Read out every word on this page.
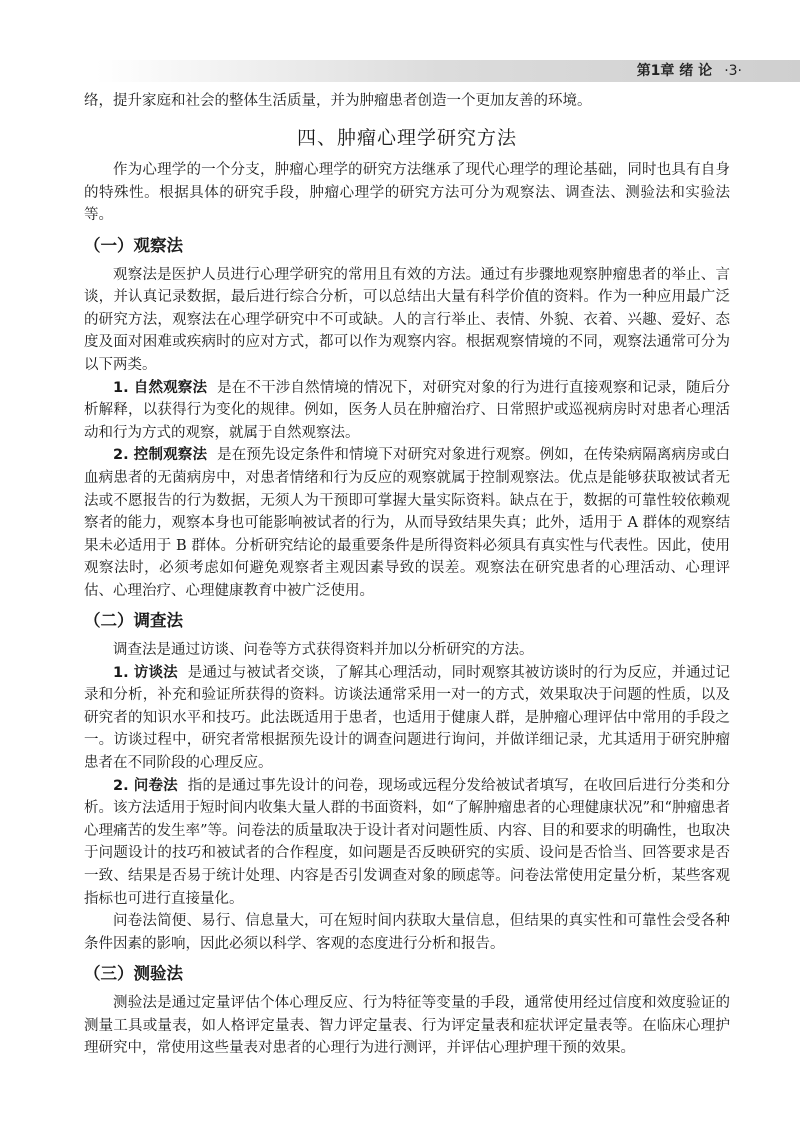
第1章 绪 论 ·3·

络，提升家庭和社会的整体生活质量，并为肿瘤患者创造一个更加友善的环境。

四、肿瘤心理学研究方法

作为心理学的一个分支，肿瘤心理学的研究方法继承了现代心理学的理论基础，同时也具有自身的特殊性。根据具体的研究手段，肿瘤心理学的研究方法可分为观察法、调查法、测验法和实验法等。

（一）观察法

观察法是医护人员进行心理学研究的常用且有效的方法。通过有步骤地观察肿瘤患者的举止、言谈，并认真记录数据，最后进行综合分析，可以总结出大量有科学价值的资料。作为一种应用最广泛的研究方法，观察法在心理学研究中不可或缺。人的言行举止、表情、外貌、衣着、兴趣、爱好、态度及面对困难或疾病时的应对方式，都可以作为观察内容。根据观察情境的不同，观察法通常可分为以下两类。

1. 自然观察法 是在不干涉自然情境的情况下，对研究对象的行为进行直接观察和记录，随后分析解释，以获得行为变化的规律。例如，医务人员在肿瘤治疗、日常照护或巡视病房时对患者心理活动和行为方式的观察，就属于自然观察法。

2. 控制观察法 是在预先设定条件和情境下对研究对象进行观察。例如，在传染病隔离病房或白血病患者的无菌病房中，对患者情绪和行为反应的观察就属于控制观察法。优点是能够获取被试者无法或不愿报告的行为数据，无须人为干预即可掌握大量实际资料。缺点在于，数据的可靠性较依赖观察者的能力，观察本身也可能影响被试者的行为，从而导致结果失真；此外，适用于 A 群体的观察结果未必适用于 B 群体。分析研究结论的最重要条件是所得资料必须具有真实性与代表性。因此，使用观察法时，必须考虑如何避免观察者主观因素导致的误差。观察法在研究患者的心理活动、心理评估、心理治疗、心理健康教育中被广泛使用。

（二）调查法

调查法是通过访谈、问卷等方式获得资料并加以分析研究的方法。

1. 访谈法 是通过与被试者交谈，了解其心理活动，同时观察其被访谈时的行为反应，并通过记录和分析，补充和验证所获得的资料。访谈法通常采用一对一的方式，效果取决于问题的性质，以及研究者的知识水平和技巧。此法既适用于患者，也适用于健康人群，是肿瘤心理评估中常用的手段之一。访谈过程中，研究者常根据预先设计的调查问题进行询问，并做详细记录，尤其适用于研究肿瘤患者在不同阶段的心理反应。

2. 问卷法 指的是通过事先设计的问卷，现场或远程分发给被试者填写，在收回后进行分类和分析。该方法适用于短时间内收集大量人群的书面资料，如“了解肿瘤患者的心理健康状况”和“肿瘤患者心理痛苦的发生率”等。问卷法的质量取决于设计者对问题性质、内容、目的和要求的明确性，也取决于问题设计的技巧和被试者的合作程度，如问题是否反映研究的实质、设问是否恰当、回答要求是否一致、结果是否易于统计处理、内容是否引发调查对象的顾虑等。问卷法常使用定量分析，某些客观指标也可进行直接量化。

问卷法简便、易行、信息量大，可在短时间内获取大量信息，但结果的真实性和可靠性会受各种条件因素的影响，因此必须以科学、客观的态度进行分析和报告。

（三）测验法

测验法是通过定量评估个体心理反应、行为特征等变量的手段，通常使用经过信度和效度验证的测量工具或量表，如人格评定量表、智力评定量表、行为评定量表和症状评定量表等。在临床心理护理研究中，常使用这些量表对患者的心理行为进行测评，并评估心理护理干预的效果。
